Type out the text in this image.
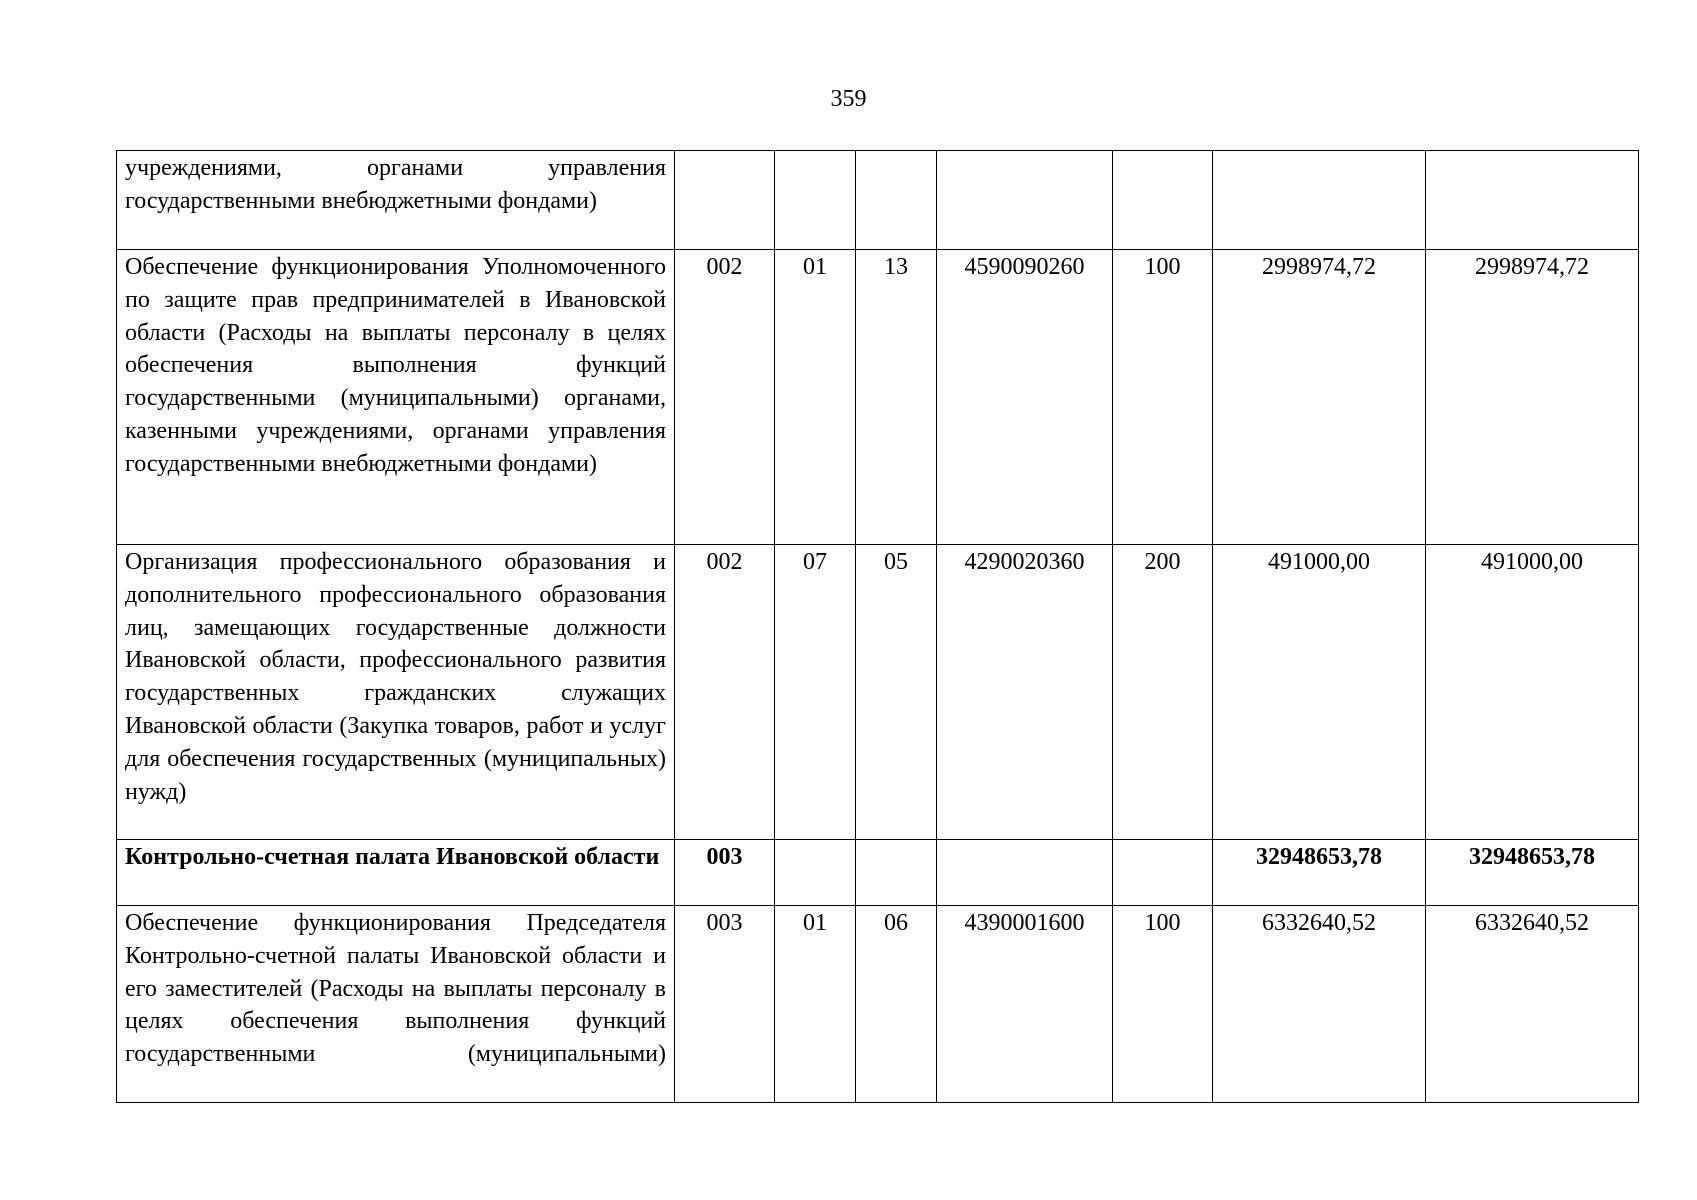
359
учреждениями, органами управления государственными внебюджетными фондами)							
Обеспечение функционирования Уполномоченного по защите прав предпринимателей в Ивановской области (Расходы на выплаты персоналу в целях обеспечения выполнения функций государственными (муниципальными) органами, казенными учреждениями, органами управления государственными внебюджетными фондами)	002	01	13	4590090260	100	2998974,72	2998974,72
Организация профессионального образования и дополнительного профессионального образования лиц, замещающих государственные должности Ивановской области, профессионального развития государственных гражданских служащих Ивановской области (Закупка товаров, работ и услуг для обеспечения государственных (муниципальных) нужд)	002	07	05	4290020360	200	491000,00	491000,00
Контрольно-счетная палата Ивановской области	003					32948653,78	32948653,78
Обеспечение функционирования Председателя Контрольно-счетной палаты Ивановской области и его заместителей (Расходы на выплаты персоналу в целях обеспечения выполнения функций государственными (муниципальными)	003	01	06	4390001600	100	6332640,52	6332640,52
